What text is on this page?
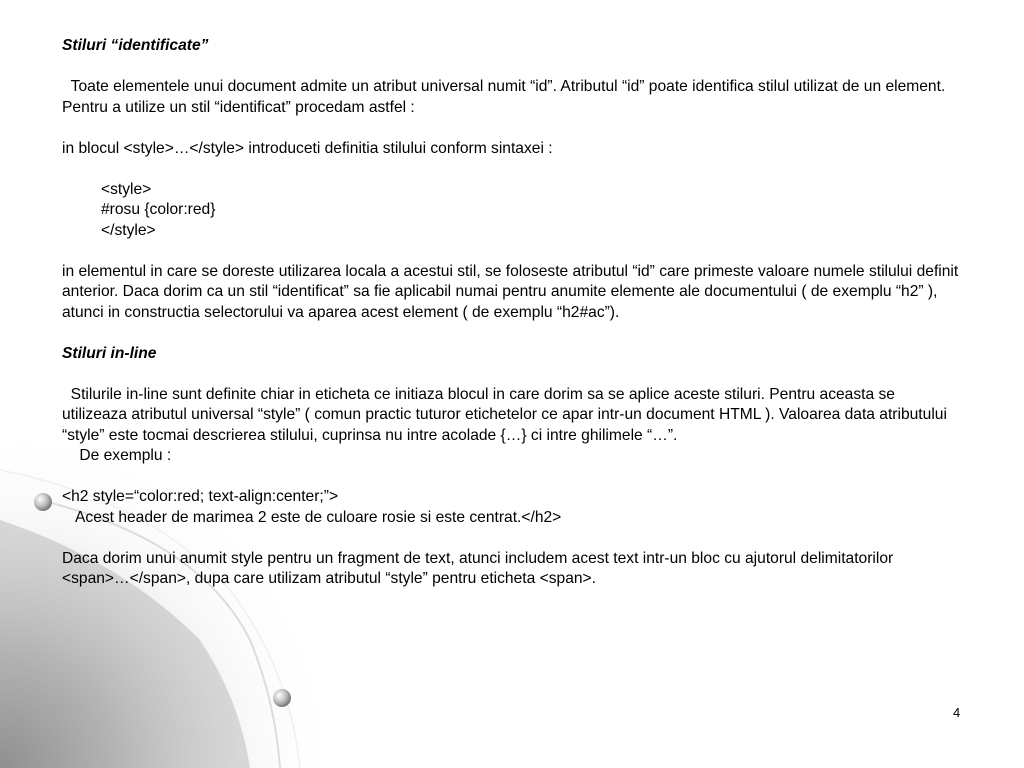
Stiluri “identificate”

Toate elementele unui document admite un atribut universal numit “id”. Atributul “id” poate identifica stilul utilizat de un element. Pentru a utilize un stil “identificat” procedam astfel :

in blocul <style>…</style> introduceti definitia stilului conform sintaxei :

<style>

#rosu {color:red}

</style>

in elementul in care se doreste utilizarea locala a acestui stil, se foloseste atributul “id” care primeste valoare numele stilului definit anterior. Daca dorim ca un stil “identificat” sa fie aplicabil numai pentru anumite elemente ale documentului ( de exemplu “h2” ), atunci in constructia selectorului va aparea acest element ( de exemplu “h2#ac”).

Stiluri in-line

Stilurile in-line sunt definite chiar in eticheta ce initiaza blocul in care dorim sa se aplice aceste stiluri. Pentru aceasta se utilizeaza atributul universal “style” ( comun practic tuturor etichetelor ce apar intr-un document HTML ). Valoarea data atributului “style” este tocmai descrierea stilului, cuprinsa nu intre acolade {…} ci intre ghilimele “…”.

De exemplu :

<h2 style=“color:red; text-align:center;”>

Acest header de marimea 2 este de culoare rosie si este centrat.</h2>

Daca dorim unui anumit style pentru un fragment de text, atunci includem acest text intr-un bloc cu ajutorul delimitatorilor <span>…</span>, dupa care utilizam atributul “style” pentru eticheta <span>.

4
